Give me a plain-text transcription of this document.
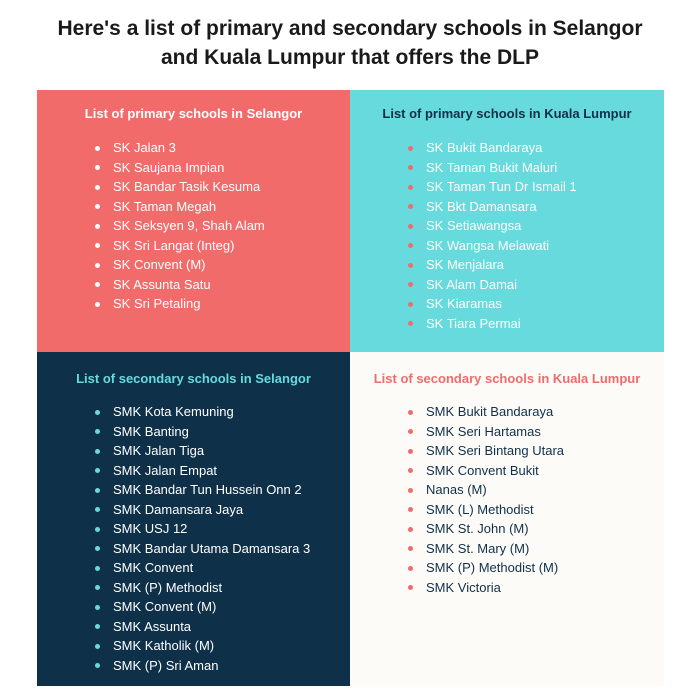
Here's a list of primary and secondary schools in Selangor
and Kuala Lumpur that offers the DLP
List of primary schools in Selangor
SK Jalan 3
SK Saujana Impian
SK Bandar Tasik Kesuma
SK Taman Megah
SK Seksyen 9, Shah Alam
SK Sri Langat (Integ)
SK Convent (M)
SK Assunta Satu
SK Sri Petaling
List of primary schools in Kuala Lumpur
SK Bukit Bandaraya
SK Taman Bukit Maluri
SK Taman Tun Dr Ismail 1
SK Bkt Damansara
SK Setiawangsa
SK Wangsa Melawati
SK Menjalara
SK Alam Damai
SK Kiaramas
SK Tiara Permai
List of secondary schools in Selangor
SMK Kota Kemuning
SMK Banting
SMK Jalan Tiga
SMK Jalan Empat
SMK Bandar Tun Hussein Onn 2
SMK Damansara Jaya
SMK USJ 12
SMK Bandar Utama Damansara 3
SMK Convent
SMK (P) Methodist
SMK Convent (M)
SMK Assunta
SMK Katholik (M)
SMK (P) Sri Aman
List of secondary schools in Kuala Lumpur
SMK Bukit Bandaraya
SMK Seri Hartamas
SMK Seri Bintang Utara
SMK Convent Bukit
Nanas (M)
SMK (L) Methodist
SMK St. John (M)
SMK St. Mary (M)
SMK (P) Methodist (M)
SMK Victoria
